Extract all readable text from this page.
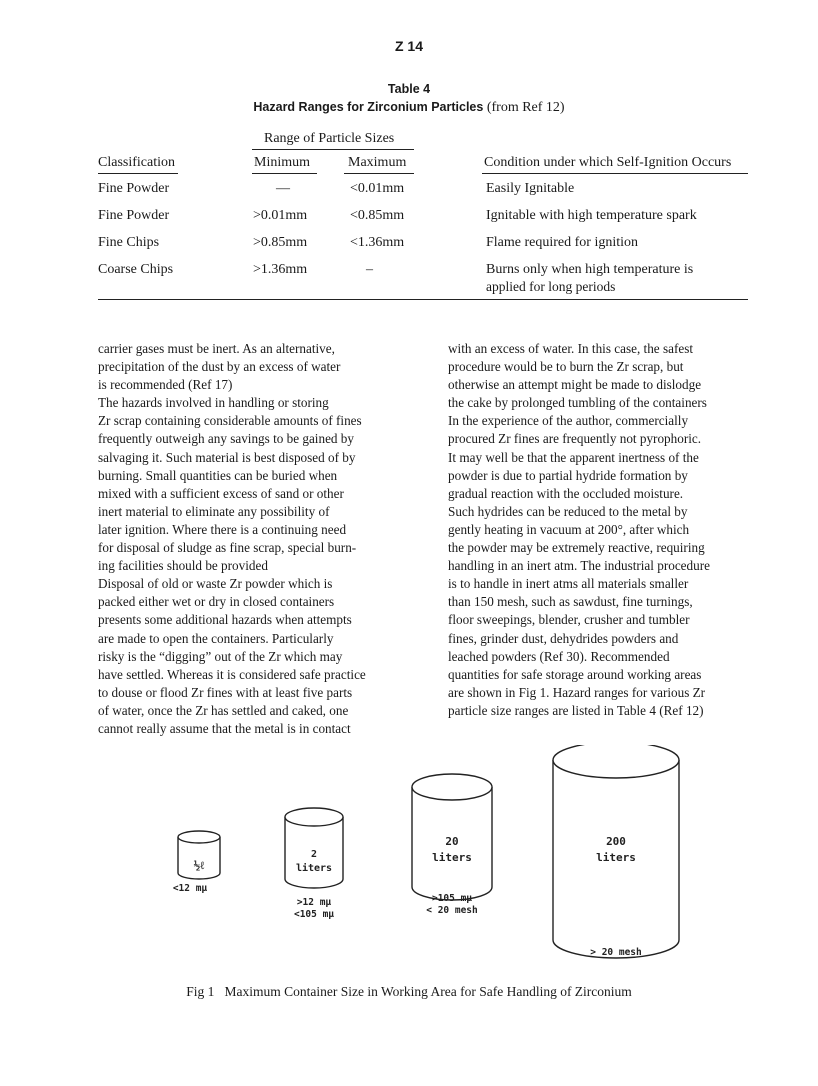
Z 14
Table 4
Hazard Ranges for Zirconium Particles (from Ref 12)
Range of Particle Sizes
Classification	Minimum	Maximum	Condition under which Self-Ignition Occurs
Fine Powder	—	<0.01mm	Easily Ignitable
Fine Powder	>0.01mm	<0.85mm	Ignitable with high temperature spark
Fine Chips	>0.85mm	<1.36mm	Flame required for ignition
Coarse Chips	>1.36mm	–	Burns only when high temperature is
applied for long periods
carrier gases must be inert. As an alternative,
precipitation of the dust by an excess of water
is recommended (Ref 17)
The hazards involved in handling or storing
Zr scrap containing considerable amounts of fines
frequently outweigh any savings to be gained by
salvaging it. Such material is best disposed of by
burning. Small quantities can be buried when
mixed with a sufficient excess of sand or other
inert material to eliminate any possibility of
later ignition. Where there is a continuing need
for disposal of sludge as fine scrap, special burn-
ing facilities should be provided
Disposal of old or waste Zr powder which is
packed either wet or dry in closed containers
presents some additional hazards when attempts
are made to open the containers. Particularly
risky is the “digging” out of the Zr which may
have settled. Whereas it is considered safe practice
to douse or flood Zr fines with at least five parts
of water, once the Zr has settled and caked, one
cannot really assume that the metal is in contact
with an excess of water. In this case, the safest
procedure would be to burn the Zr scrap, but
otherwise an attempt might be made to dislodge
the cake by prolonged tumbling of the containers
In the experience of the author, commercially
procured Zr fines are frequently not pyrophoric.
It may well be that the apparent inertness of the
powder is due to partial hydride formation by
gradual reaction with the occluded moisture.
Such hydrides can be reduced to the metal by
gently heating in vacuum at 200°, after which
the powder may be extremely reactive, requiring
handling in an inert atm. The industrial procedure
is to handle in inert atms all materials smaller
than 150 mesh, such as sawdust, fine turnings,
floor sweepings, blender, crusher and tumbler
fines, grinder dust, dehydrides powders and
leached powders (Ref 30). Recommended
quantities for safe storage around working areas
are shown in Fig 1. Hazard ranges for various Zr
particle size ranges are listed in Table 4 (Ref 12)
½ℓ
<12 mμ
2
liters
>12 mμ
<105 mμ
20
liters
>105 mμ
< 20 mesh
200
liters
> 20 mesh
Fig 1 Maximum Container Size in Working Area for Safe Handling of Zirconium
